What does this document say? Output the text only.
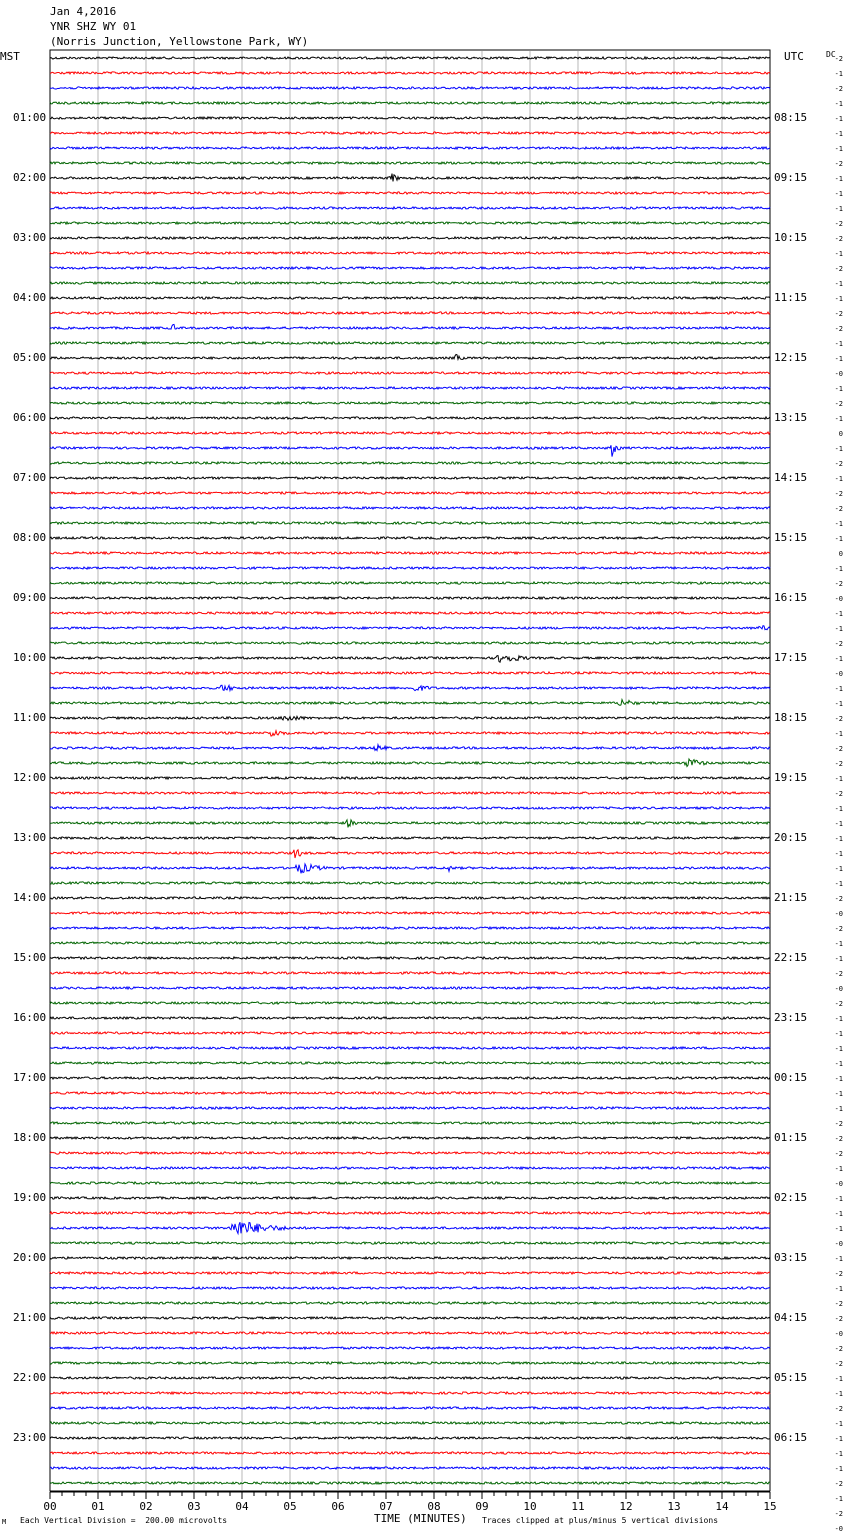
00	01	02	03	04	05	06	07	08	09	10	11	12	13	14	15
-2
-1
-2
-1
-1
-1
-1
-2
-1
-1
-1
-2
-2
-1
-2
-1
-1
-2
-2
-1
-1
-0
-1
-2
-1
0
-1
-2
-1
-2
-2
-1
-1
0
-1
-2
-0
-1
-1
-2
-1
-0
-1
-1
-2
-1
-2
-2
-1
-2
-1
-1
-1
-1
-1
-1
-2
-0
-2
-1
-1
-2
-0
-2
-1
-1
-1
-1
-1
-1
-1
-2
-2
-2
-1
-0
-1
-1
-1
-0
-1
-2
-1
-2
-2
-0
-2
-2
-1
-1
-2
-1
-1
-1
-1
-2
-1
-2
-0
Jan 4,2016
YNR SHZ WY 01
(Norris Junction, Yellowstone Park, WY)
MST	UTC	DC
01:00
02:00
03:00
04:00
05:00
06:00
07:00
08:00
09:00
10:00
11:00
12:00
13:00
14:00
15:00
16:00
17:00
18:00
19:00
20:00
21:00
22:00
23:00
08:15
09:15
10:15
11:15
12:15
13:15
14:15
15:15
16:15
17:15
18:15
19:15
20:15
21:15
22:15
23:15
00:15
01:15
02:15
03:15
04:15
05:15
06:15
M Each Vertical Division =  200.00 microvolts	TIME (MINUTES) Traces clipped at plus/minus 5 vertical divisions
